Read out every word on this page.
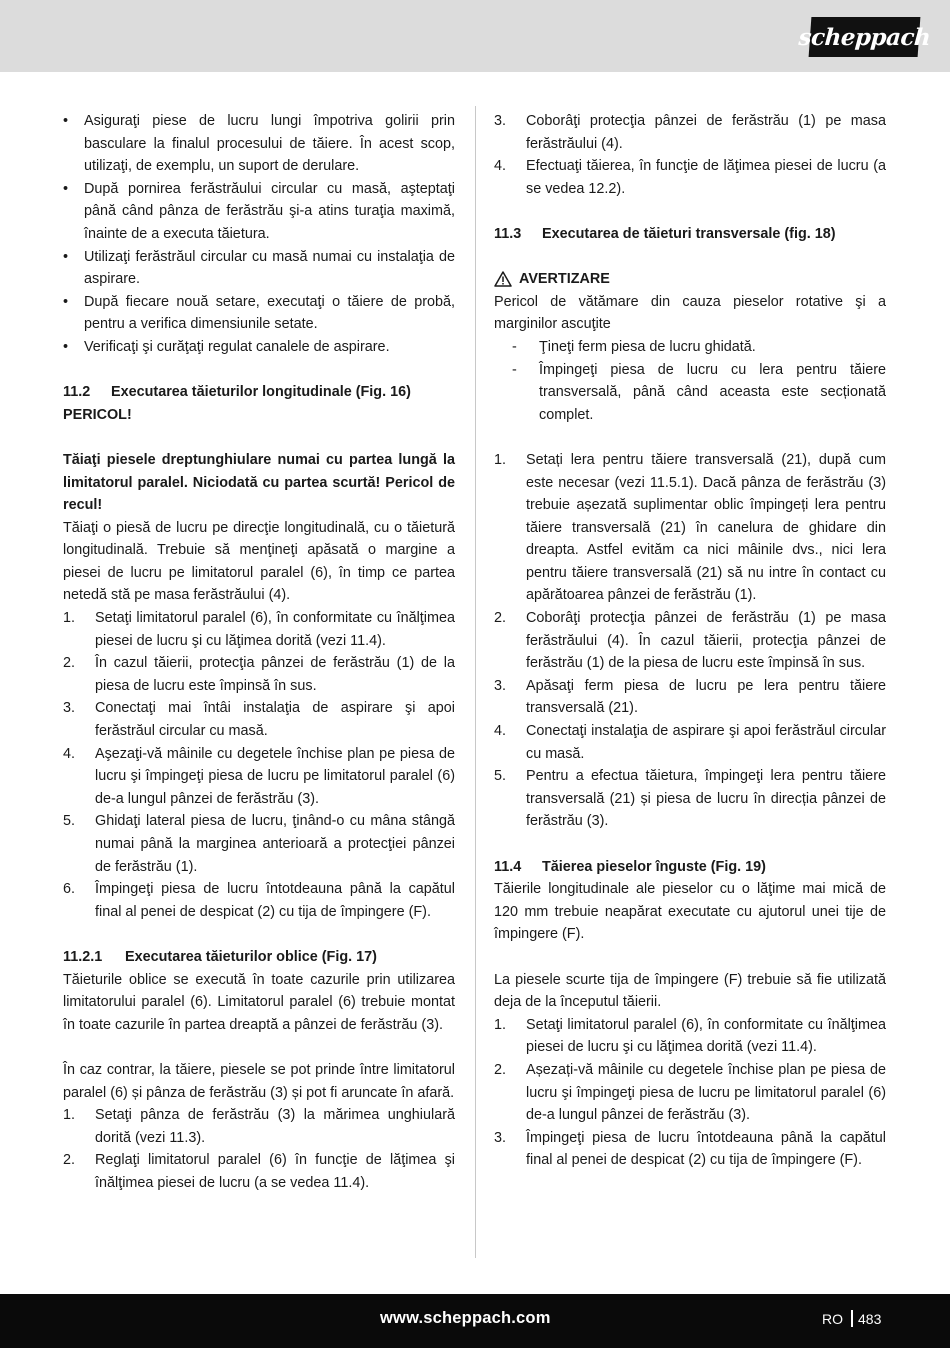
scheppach
• Asiguraţi piese de lucru lungi împotriva golirii prin basculare la finalul procesului de tăiere. În acest scop, utilizaţi, de exemplu, un suport de derulare.
• După pornirea ferăstrăului circular cu masă, aşteptaţi până când pânza de ferăstrău şi-a atins turaţia maximă, înainte de a executa tăietura.
• Utilizaţi ferăstrăul circular cu masă numai cu instalaţia de aspirare.
• După fiecare nouă setare, executaţi o tăiere de probă, pentru a verifica dimensiunile setate.
• Verificaţi şi curăţaţi regulat canalele de aspirare.
11.2 Executarea tăieturilor longitudinale (Fig. 16)
PERICOL!

Tăiaţi piesele dreptunghiulare numai cu partea lungă la limitatorul paralel. Niciodată cu partea scurtă! Pericol de recul!

Tăiaţi o piesă de lucru pe direcţie longitudinală, cu o tăietură longitudinală. Trebuie să menţineţi apăsată o margine a piesei de lucru pe limitatorul paralel (6), în timp ce partea netedă stă pe masa ferăstrăului (4).

1. Setaţi limitatorul paralel (6), în conformitate cu înălţimea piesei de lucru şi cu lăţimea dorită (vezi 11.4).
2. În cazul tăierii, protecţia pânzei de ferăstrău (1) de la piesa de lucru este împinsă în sus.
3. Conectaţi mai întâi instalaţia de aspirare şi apoi ferăstrăul circular cu masă.
4. Aşezaţi-vă mâinile cu degetele închise plan pe piesa de lucru şi împingeţi piesa de lucru pe limitatorul paralel (6) de-a lungul pânzei de ferăstrău (3).
5. Ghidaţi lateral piesa de lucru, ţinând-o cu mâna stângă numai până la marginea anterioară a protecţiei pânzei de ferăstrău (1).
6. Împingeţi piesa de lucru întotdeauna până la capătul final al penei de despicat (2) cu tija de împingere (F).
11.2.1 Executarea tăieturilor oblice (Fig. 17)

Tăieturile oblice se execută în toate cazurile prin utilizarea limitatorului paralel (6). Limitatorul paralel (6) trebuie montat în toate cazurile în partea dreaptă a pânzei de ferăstrău (3).

În caz contrar, la tăiere, piesele se pot prinde între limitatorul paralel (6) și pânza de ferăstrău (3) și pot fi aruncate în afară.

1. Setaţi pânza de ferăstrău (3) la mărimea unghiulară dorită (vezi 11.3).
2. Reglaţi limitatorul paralel (6) în funcţie de lăţimea şi înălţimea piesei de lucru (a se vedea 11.4).
3. Coborâţi protecţia pânzei de ferăstrău (1) pe masa ferăstrăului (4).
4. Efectuaţi tăierea, în funcţie de lăţimea piesei de lucru (a se vedea 12.2).
11.3 Executarea de tăieturi transversale (fig. 18)
AVERTIZARE

Pericol de vătămare din cauza pieselor rotative şi a marginilor ascuţite

- Ţineţi ferm piesa de lucru ghidată.
- Împingeţi piesa de lucru cu lera pentru tăiere transversală, până când aceasta este secționată complet.
1. Setați lera pentru tăiere transversală (21), după cum este necesar (vezi 11.5.1). Dacă pânza de ferăstrău (3) trebuie așezată suplimentar oblic împingeți lera pentru tăiere transversală (21) în canelura de ghidare din dreapta. Astfel evităm ca nici mâinile dvs., nici lera pentru tăiere transversală (21) să nu intre în contact cu apărătoarea pânzei de ferăstrău (1).
2. Coborâţi protecţia pânzei de ferăstrău (1) pe masa ferăstrăului (4). În cazul tăierii, protecţia pânzei de ferăstrău (1) de la piesa de lucru este împinsă în sus.
3. Apăsaţi ferm piesa de lucru pe lera pentru tăiere transversală (21).
4. Conectaţi instalaţia de aspirare şi apoi ferăstrăul circular cu masă.
5. Pentru a efectua tăietura, împingeţi lera pentru tăiere transversală (21) și piesa de lucru în direcția pânzei de ferăstrău (3).
11.4 Tăierea pieselor înguste (Fig. 19)

Tăierile longitudinale ale pieselor cu o lăţime mai mică de 120 mm trebuie neapărat executate cu ajutorul unei tije de împingere (F).

La piesele scurte tija de împingere (F) trebuie să fie utilizată deja de la începutul tăierii.

1. Setaţi limitatorul paralel (6), în conformitate cu înălţimea piesei de lucru şi cu lăţimea dorită (vezi 11.4).
2. Așezați-vă mâinile cu degetele închise plan pe piesa de lucru şi împingeţi piesa de lucru pe limitatorul paralel (6) de-a lungul pânzei de ferăstrău (3).
3. Împingeţi piesa de lucru întotdeauna până la capătul final al penei de despicat (2) cu tija de împingere (F).
www.scheppach.com	RO 483
